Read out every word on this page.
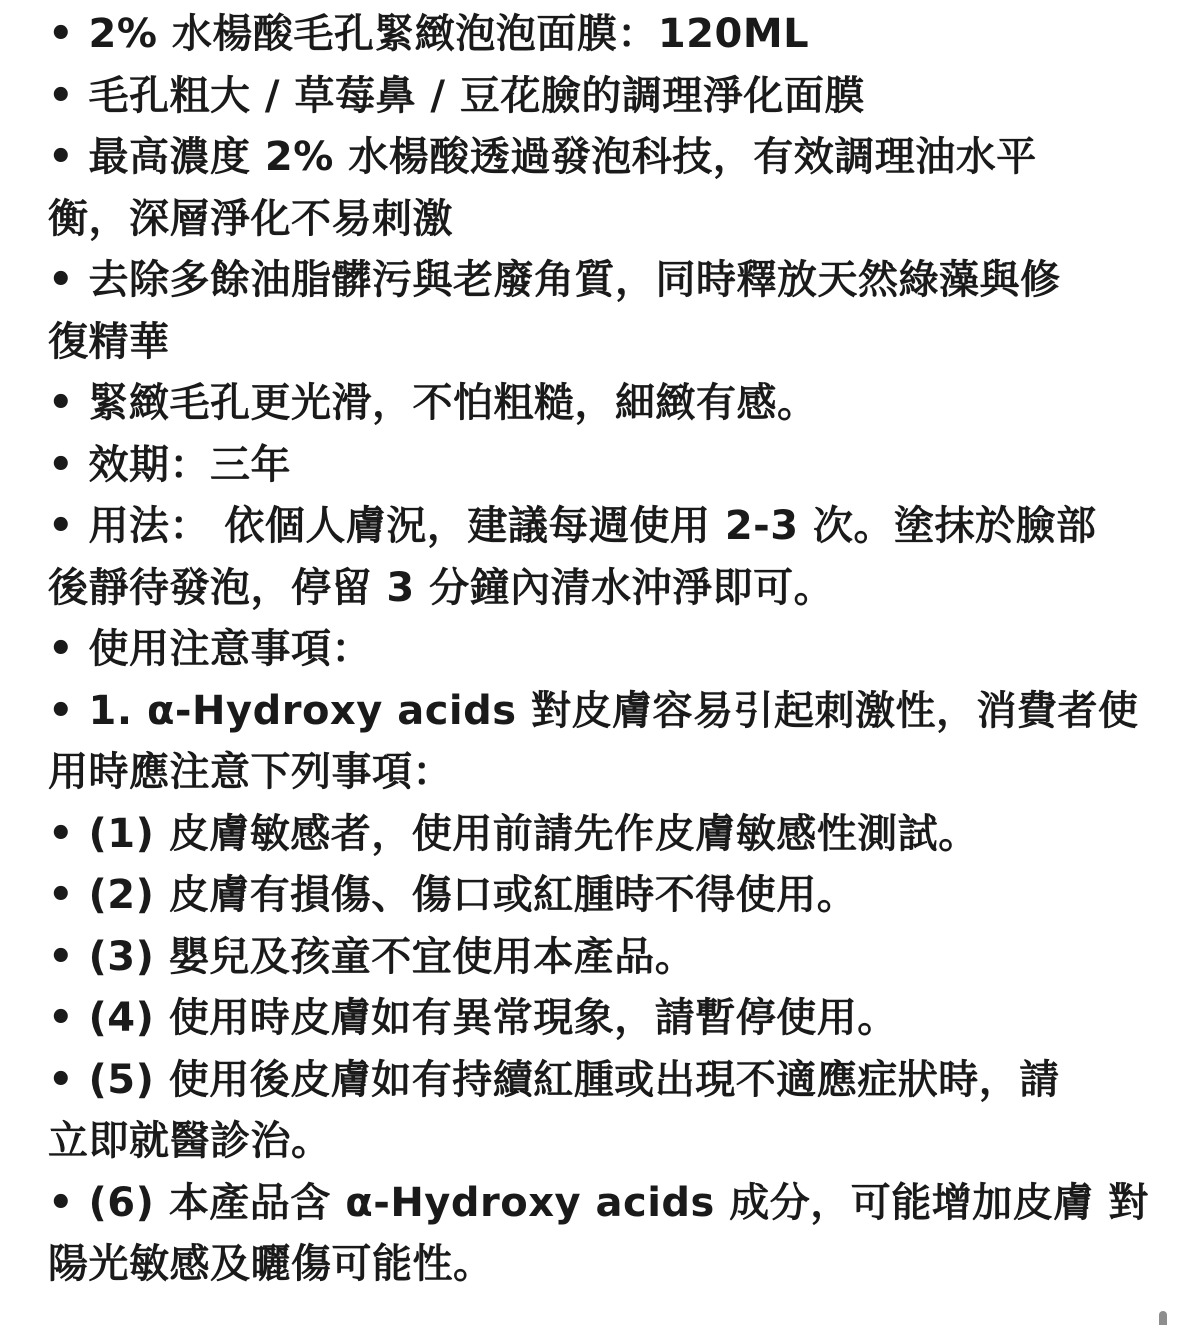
• 2% 水楊酸毛孔緊緻泡泡面膜：120ML
• 毛孔粗大 / 草莓鼻 / 豆花臉的調理淨化面膜
• 最高濃度 2% 水楊酸透過發泡科技，有效調理油水平
衡，深層淨化不易刺激
• 去除多餘油脂髒污與老廢角質，同時釋放天然綠藻與修
復精華
• 緊緻毛孔更光滑，不怕粗糙，細緻有感。
• 效期：三年
• 用法： 依個人膚況，建議每週使用 2-3 次。塗抹於臉部
後靜待發泡，停留 3 分鐘內清水沖淨即可。
• 使用注意事項：
• 1. α-Hydroxy acids 對皮膚容易引起刺激性，消費者使
用時應注意下列事項：
• (1) 皮膚敏感者，使用前請先作皮膚敏感性測試。
• (2) 皮膚有損傷、傷口或紅腫時不得使用。
• (3) 嬰兒及孩童不宜使用本產品。
• (4) 使用時皮膚如有異常現象，請暫停使用。
• (5) 使用後皮膚如有持續紅腫或出現不適應症狀時，請
立即就醫診治。
• (6) 本產品含 α-Hydroxy acids 成分，可能增加皮膚 對
陽光敏感及曬傷可能性。
